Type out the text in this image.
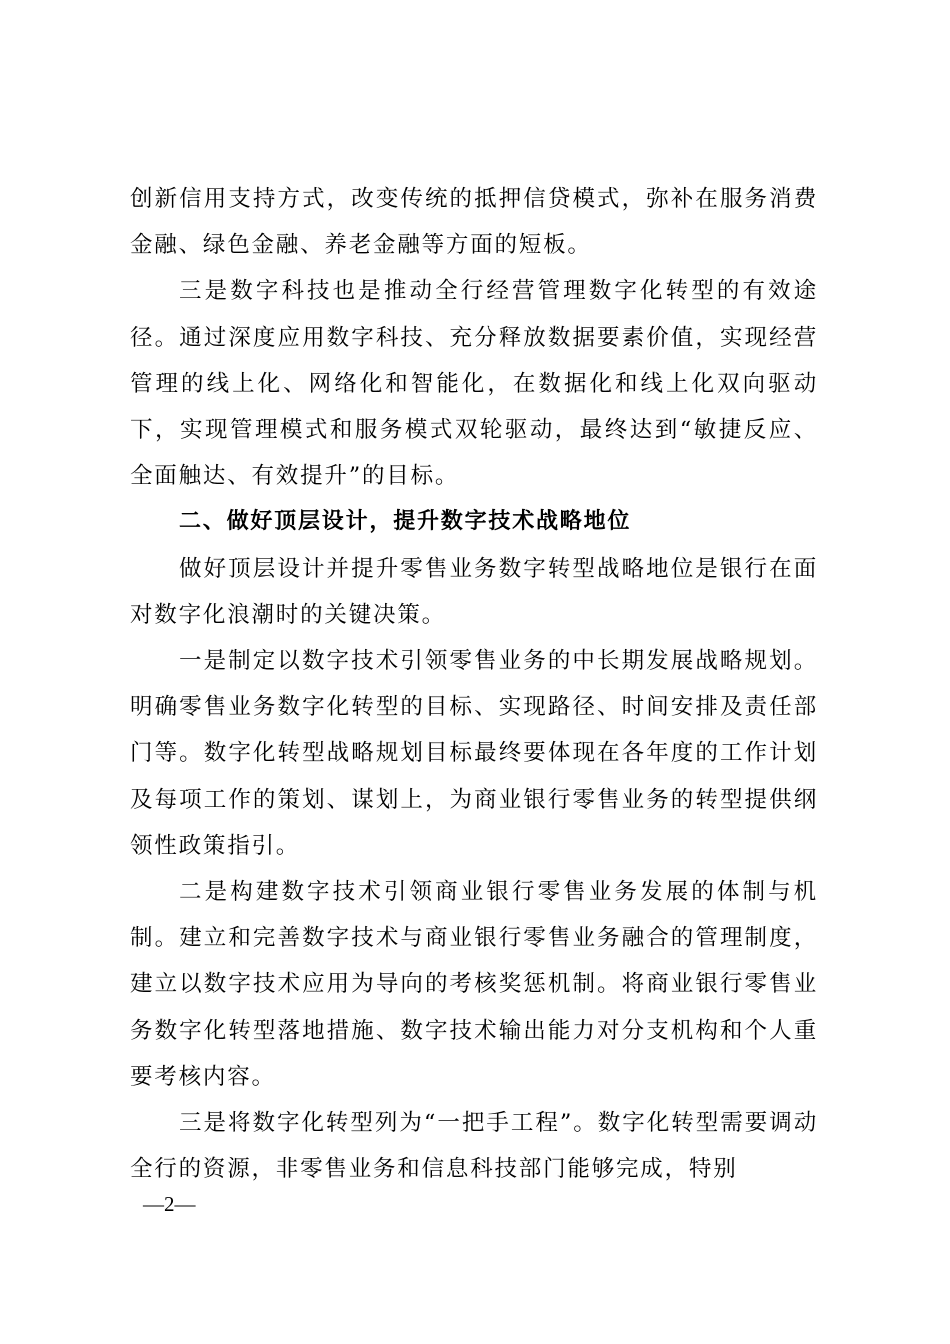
创新信用支持方式，改变传统的抵押信贷模式，弥补在服务消费金融、绿色金融、养老金融等方面的短板。

三是数字科技也是推动全行经营管理数字化转型的有效途径。通过深度应用数字科技、充分释放数据要素价值，实现经营管理的线上化、网络化和智能化，在数据化和线上化双向驱动下，实现管理模式和服务模式双轮驱动，最终达到“敏捷反应、全面触达、有效提升”的目标。

二、做好顶层设计，提升数字技术战略地位

做好顶层设计并提升零售业务数字转型战略地位是银行在面对数字化浪潮时的关键决策。

一是制定以数字技术引领零售业务的中长期发展战略规划。明确零售业务数字化转型的目标、实现路径、时间安排及责任部门等。数字化转型战略规划目标最终要体现在各年度的工作计划及每项工作的策划、谋划上，为商业银行零售业务的转型提供纲领性政策指引。

二是构建数字技术引领商业银行零售业务发展的体制与机制。建立和完善数字技术与商业银行零售业务融合的管理制度，建立以数字技术应用为导向的考核奖惩机制。将商业银行零售业务数字化转型落地措施、数字技术输出能力对分支机构和个人重要考核内容。

三是将数字化转型列为“一把手工程”。数字化转型需要调动全行的资源，非零售业务和信息科技部门能够完成，特别

—2—
